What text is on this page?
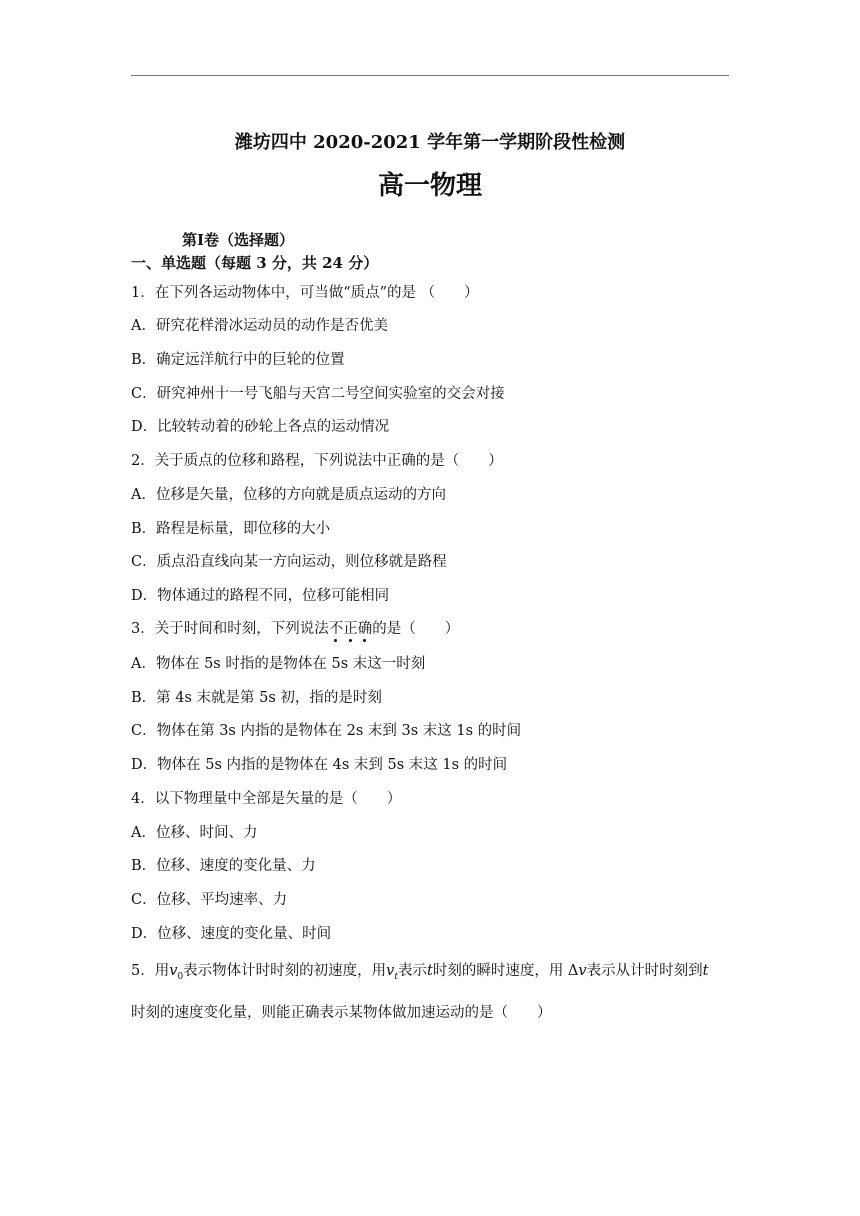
潍坊四中 2020-2021 学年第一学期阶段性检测
高一物理
第Ⅰ卷（选择题）
一、单选题（每题 3 分，共 24 分）
1．在下列各运动物体中，可当做“质点”的是 （　　）
A．研究花样滑冰运动员的动作是否优美
B．确定远洋航行中的巨轮的位置
C．研究神州十一号飞船与天宫二号空间实验室的交会对接
D．比较转动着的砂轮上各点的运动情况
2．关于质点的位移和路程，下列说法中正确的是（　　）
A．位移是矢量，位移的方向就是质点运动的方向
B．路程是标量，即位移的大小
C．质点沿直线向某一方向运动，则位移就是路程
D．物体通过的路程不同，位移可能相同
3．关于时间和时刻，下列说法不正确的是（　　）
A．物体在 5s 时指的是物体在 5s 末这一时刻
B．第 4s 末就是第 5s 初，指的是时刻
C．物体在第 3s 内指的是物体在 2s 末到 3s 末这 1s 的时间
D．物体在 5s 内指的是物体在 4s 末到 5s 末这 1s 的时间
4．以下物理量中全部是矢量的是（　　）
A．位移、时间、力
B．位移、速度的变化量、力
C．位移、平均速率、力
D．位移、速度的变化量、时间
5．用$v_0$表示物体计时时刻的初速度，用$v_t$表示t时刻的瞬时速度，用 Δv表示从计时时刻到t
时刻的速度变化量，则能正确表示某物体做加速运动的是（　　）
